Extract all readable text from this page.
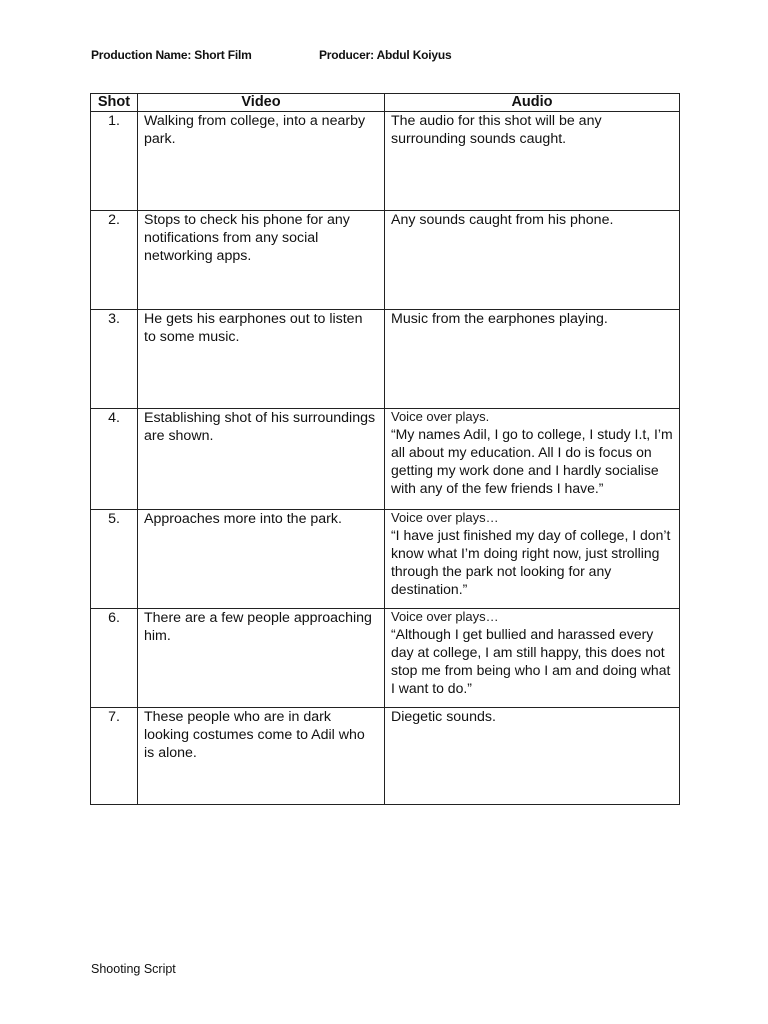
Production Name: Short Film	Producer: Abdul Koiyus
Shot	Video	Audio
1.	Walking from college, into a nearby park.	The audio for this shot will be any surrounding sounds caught.
2.	Stops to check his phone for any notifications from any social networking apps.	Any sounds caught from his phone.
3.	He gets his earphones out to listen to some music.	Music from the earphones playing.
4.	Establishing shot of his surroundings are shown.	Voice over plays.
“My names Adil, I go to college, I study I.t, I’m all about my education. All I do is focus on getting my work done and I hardly socialise with any of the few friends I have.”

5.	Approaches more into the park.	Voice over plays…
“I have just finished my day of college, I don’t know what I’m doing right now, just strolling through the park not looking for any destination.”

6.	There are a few people approaching him.	Voice over plays…
“Although I get bullied and harassed every day at college, I am still happy, this does not stop me from being who I am and doing what I want to do.”

7.	These people who are in dark looking costumes come to Adil who is alone.	Diegetic sounds.
Shooting Script
